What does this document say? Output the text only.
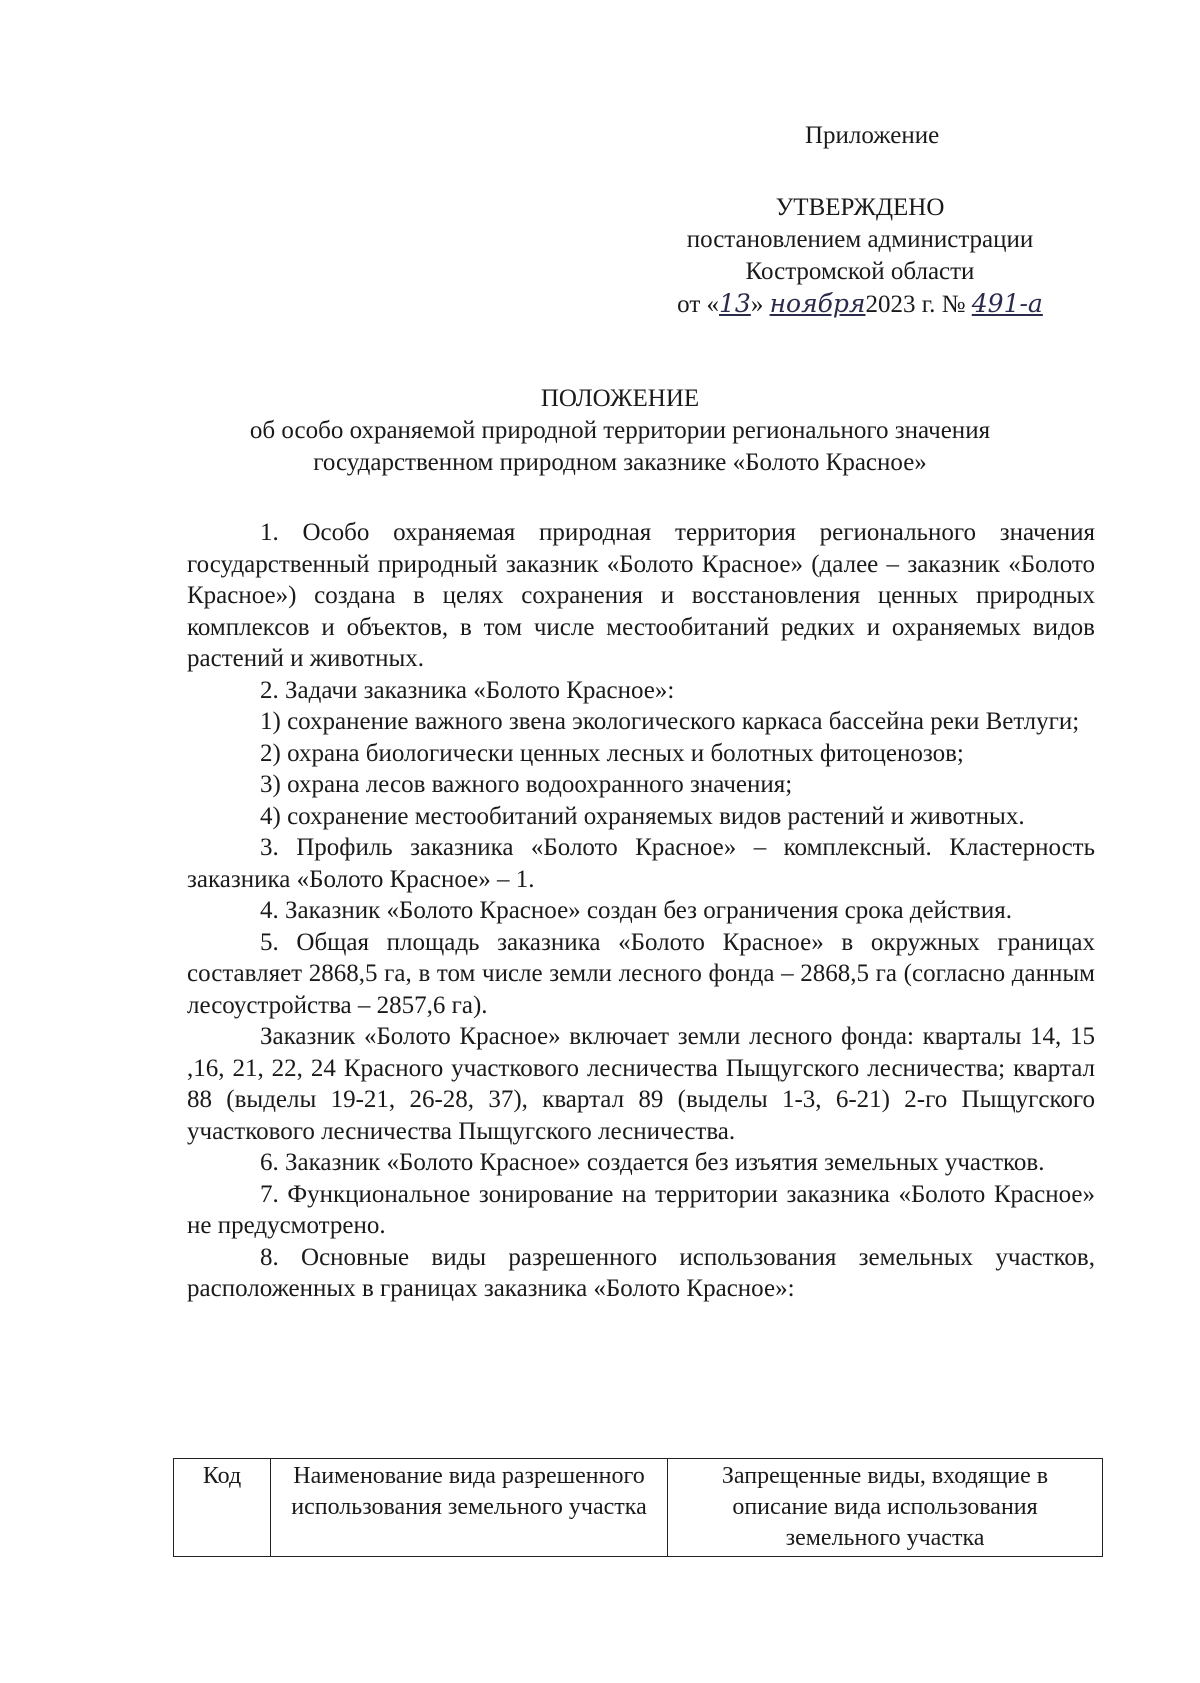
Приложение
УТВЕРЖДЕНО
постановлением администрации
Костромской области
от «13» ноября2023 г. № 491-а
ПОЛОЖЕНИЕ
об особо охраняемой природной территории регионального значения
государственном природном заказнике «Болото Красное»

1. Особо охраняемая природная территория регионального значения государственный природный заказник «Болото Красное» (далее – заказник «Болото Красное») создана в целях сохранения и восстановления ценных природных комплексов и объектов, в том числе местообитаний редких и охраняемых видов растений и животных.

2. Задачи заказника «Болото Красное»:

1) сохранение важного звена экологического каркаса бассейна реки Ветлуги;

2) охрана биологически ценных лесных и болотных фитоценозов;

3) охрана лесов важного водоохранного значения;

4) сохранение местообитаний охраняемых видов растений и животных.

3. Профиль заказника «Болото Красное» – комплексный. Кластерность заказника «Болото Красное» – 1.

4. Заказник «Болото Красное» создан без ограничения срока действия.

5. Общая площадь заказника «Болото Красное» в окружных границах составляет 2868,5 га, в том числе земли лесного фонда – 2868,5 га (согласно данным лесоустройства – 2857,6 га).

Заказник «Болото Красное» включает земли лесного фонда: кварталы 14, 15 ,16, 21, 22, 24 Красного участкового лесничества Пыщугского лесничества; квартал 88 (выделы 19-21, 26-28, 37), квартал 89 (выделы 1-3, 6-21) 2-го Пыщугского участкового лесничества Пыщугского лесничества.

6. Заказник «Болото Красное» создается без изъятия земельных участков.

7. Функциональное зонирование на территории заказника «Болото Красное» не предусмотрено.

8. Основные виды разрешенного использования земельных участков, расположенных в границах заказника «Болото Красное»:

Код	Наименование вида разрешенного использования земельного участка	Запрещенные виды, входящие в описание вида использования земельного участка
